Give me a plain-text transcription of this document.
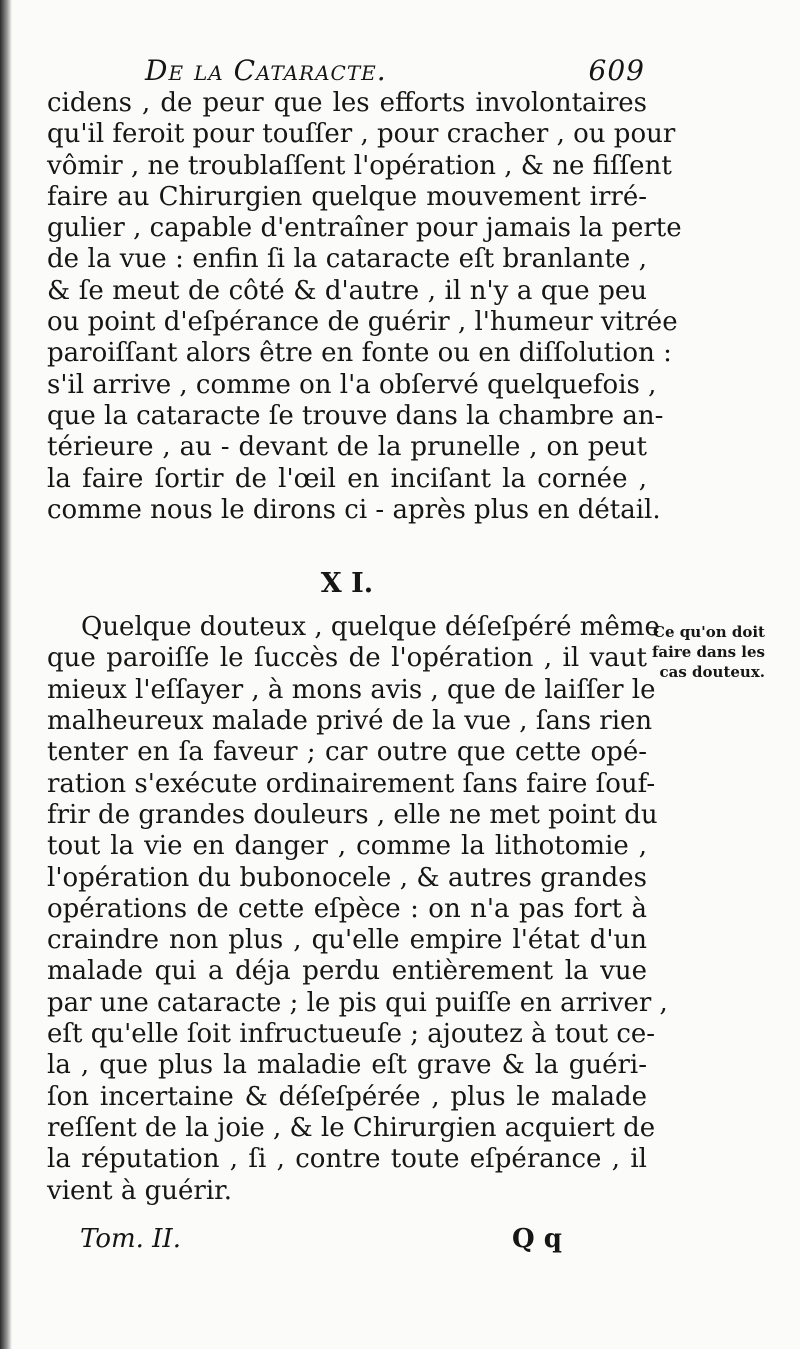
De la Cataracte.	609
cidens , de peur que les efforts involontaires
qu'il feroit pour touſſer , pour cracher , ou pour
vômir , ne troublaſſent l'opération , & ne fiſſent
faire au Chirurgien quelque mouvement irré-
gulier , capable d'entraîner pour jamais la perte
de la vue : enfin ſi la cataracte eſt branlante ,
& ſe meut de côté & d'autre , il n'y a que peu
ou point d'eſpérance de guérir , l'humeur vitrée
paroiſſant alors être en fonte ou en diſſolution :
s'il arrive , comme on l'a obſervé quelquefois ,
que la cataracte ſe trouve dans la chambre an-
térieure , au - devant de la prunelle , on peut
la faire ſortir de l'œil en inciſant la cornée ,
comme nous le dirons ci - après plus en détail.
X I.
Quelque douteux , quelque déſeſpéré même
que paroiſſe le ſuccès de l'opération , il vaut
mieux l'eſſayer , à mons avis , que de laiſſer le
malheureux malade privé de la vue , ſans rien
tenter en ſa faveur ; car outre que cette opé-
ration s'exécute ordinairement ſans faire ſouf-
frir de grandes douleurs , elle ne met point du
tout la vie en danger , comme la lithotomie ,
l'opération du bubonocele , & autres grandes
opérations de cette eſpèce : on n'a pas fort à
craindre non plus , qu'elle empire l'état d'un
malade qui a déja perdu entièrement la vue
par une cataracte ; le pis qui puiſſe en arriver ,
eſt qu'elle ſoit infructueuſe ; ajoutez à tout ce-
la , que plus la maladie eſt grave & la guéri-
ſon incertaine & déſeſpérée , plus le malade
reſſent de la joie , & le Chirurgien acquiert de
la réputation , ſi , contre toute eſpérance , il
vient à guérir.
Ce qu'on doit
faire dans les
cas douteux.
Tom. II.	Q q
